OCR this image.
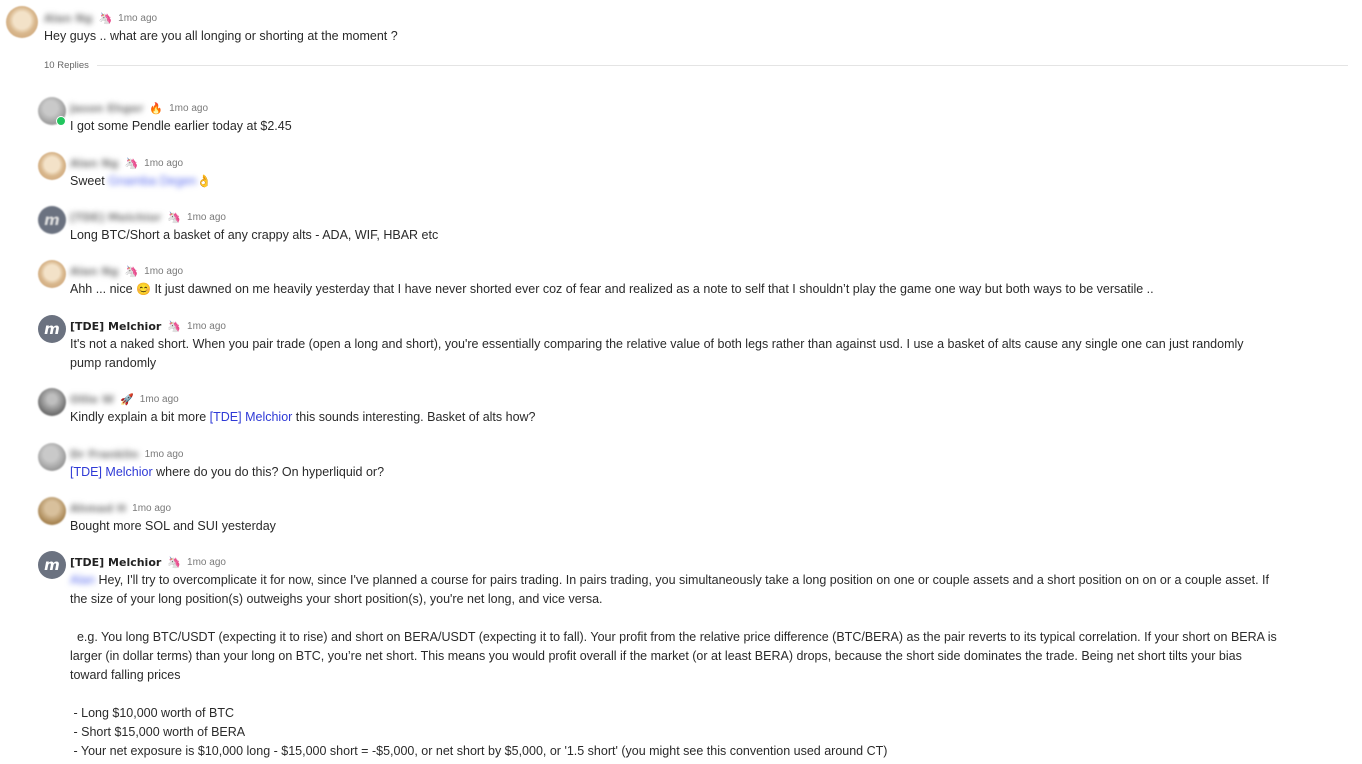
Alan Ng 🦄 1mo ago
Hey guys .. what are you all longing or shorting at the moment ?
10 Replies
Jason Ehger 🔥 1mo ago
I got some Pendle earlier today at $2.45
Alan Ng 🦄 1mo ago
Sweet Gnamba Degen👌
m [TDE] Melchior 🦄 1mo ago
Long BTC/Short a basket of any crappy alts - ADA, WIF, HBAR etc
Alan Ng 🦄 1mo ago
Ahh ... nice 😊 It just dawned on me heavily yesterday that I have never shorted ever coz of fear and realized as a note to self that I shouldn’t play the game one way but both ways to be versatile ..
m [TDE] Melchior 🦄 1mo ago
It's not a naked short. When you pair trade (open a long and short), you're essentially comparing the relative value of both legs rather than against usd. I use a basket of alts cause any single one can just randomly
pump randomly
Ollie W 🚀 1mo ago
Kindly explain a bit more [TDE] Melchior this sounds interesting. Basket of alts how?
Dr Franklin 1mo ago
[TDE] Melchior where do you do this? On hyperliquid or?
Ahmad H 1mo ago
Bought more SOL and SUI yesterday
m [TDE] Melchior 🦄 1mo ago
Alan Hey, I'll try to overcomplicate it for now, since I've planned a course for pairs trading. In pairs trading, you simultaneously take a long position on one or couple assets and a short position on on or a couple asset. If
the size of your long position(s) outweighs your short position(s), you're net long, and vice versa.

e.g. You long BTC/USDT (expecting it to rise) and short on BERA/USDT (expecting it to fall). Your profit from the relative price difference (BTC/BERA) as the pair reverts to its typical correlation. If your short on BERA is
larger (in dollar terms) than your long on BTC, you’re net short. This means you would profit overall if the market (or at least BERA) drops, because the short side dominates the trade. Being net short tilts your bias
toward falling prices

- Long $10,000 worth of BTC
- Short $15,000 worth of BERA
- Your net exposure is $10,000 long - $15,000 short = -$5,000, or net short by $5,000, or '1.5 short' (you might see this convention used around CT)
